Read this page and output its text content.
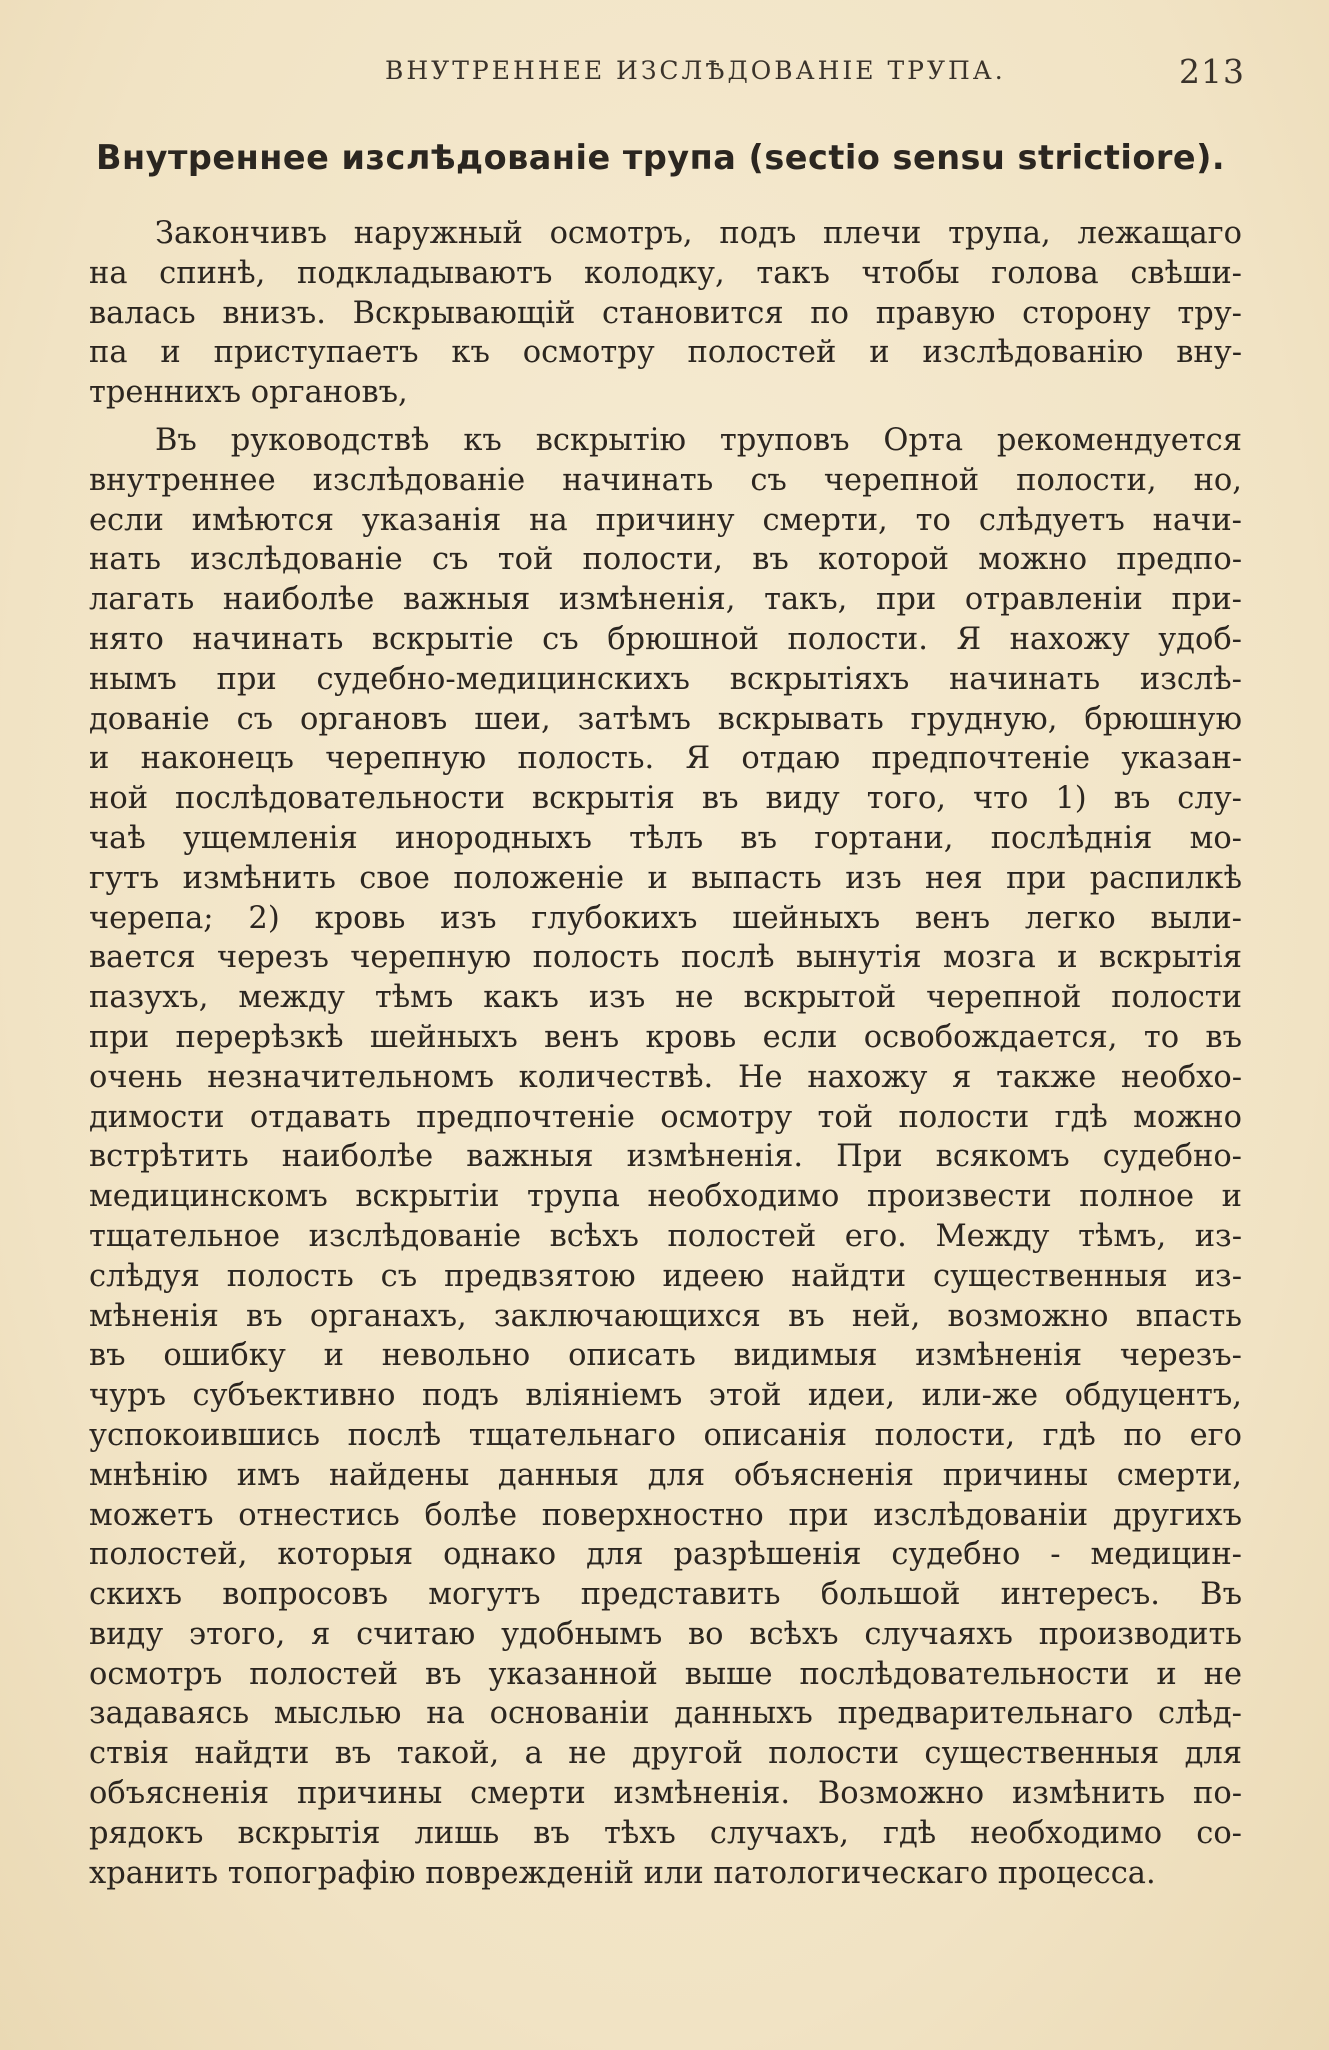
ВНУТРЕННЕЕ ИЗСЛѢДОВАНІЕ ТРУПА.	213
Внутреннее изслѣдованіе трупа (sectio sensu strictiore).
Закончивъ наружный осмотръ, подъ плечи трупа, лежащаго
на спинѣ, подкладываютъ колодку, такъ чтобы голова свѣши-
валась внизъ. Вскрывающій становится по правую сторону тру-
па и приступаетъ къ осмотру полостей и изслѣдованію вну-
треннихъ органовъ,
Въ руководствѣ къ вскрытію труповъ Орта рекомендуется
внутреннее изслѣдованіе начинать съ черепной полости, но,
если имѣются указанія на причину смерти, то слѣдуетъ начи-
нать изслѣдованіе съ той полости, въ которой можно предпо-
лагать наиболѣе важныя измѣненія, такъ, при отравленіи при-
нято начинать вскрытіе съ брюшной полости. Я нахожу удоб-
нымъ при судебно-медицинскихъ вскрытіяхъ начинать изслѣ-
дованіе съ органовъ шеи, затѣмъ вскрывать грудную, брюшную
и наконецъ черепную полость. Я отдаю предпочтеніе указан-
ной послѣдовательности вскрытія въ виду того, что 1) въ слу-
чаѣ ущемленія инородныхъ тѣлъ въ гортани, послѣднія мо-
гутъ измѣнить свое положеніе и выпасть изъ нея при распилкѣ
черепа; 2) кровь изъ глубокихъ шейныхъ венъ легко выли-
вается черезъ черепную полость послѣ вынутія мозга и вскрытія
пазухъ, между тѣмъ какъ изъ не вскрытой черепной полости
при перерѣзкѣ шейныхъ венъ кровь если освобождается, то въ
очень незначительномъ количествѣ. Не нахожу я также необхо-
димости отдавать предпочтеніе осмотру той полости гдѣ можно
встрѣтить наиболѣе важныя измѣненія. При всякомъ судебно-
медицинскомъ вскрытіи трупа необходимо произвести полное и
тщательное изслѣдованіе всѣхъ полостей его. Между тѣмъ, из-
слѣдуя полость съ предвзятою идеею найдти существенныя из-
мѣненія въ органахъ, заключающихся въ ней, возможно впасть
въ ошибку и невольно описать видимыя измѣненія черезъ-
чуръ субъективно подъ вліяніемъ этой идеи, или-же обдуцентъ,
успокоившись послѣ тщательнаго описанія полости, гдѣ по его
мнѣнію имъ найдены данныя для объясненія причины смерти,
можетъ отнестись болѣе поверхностно при изслѣдованіи другихъ
полостей, которыя однако для разрѣшенія судебно - медицин-
скихъ вопросовъ могутъ представить большой интересъ. Въ
виду этого, я считаю удобнымъ во всѣхъ случаяхъ производить
осмотръ полостей въ указанной выше послѣдовательности и не
задаваясь мыслью на основаніи данныхъ предварительнаго слѣд-
ствія найдти въ такой, а не другой полости существенныя для
объясненія причины смерти измѣненія. Возможно измѣнить по-
рядокъ вскрытія лишь въ тѣхъ случахъ, гдѣ необходимо со-
хранить топографію поврежденій или патологическаго процесса.
